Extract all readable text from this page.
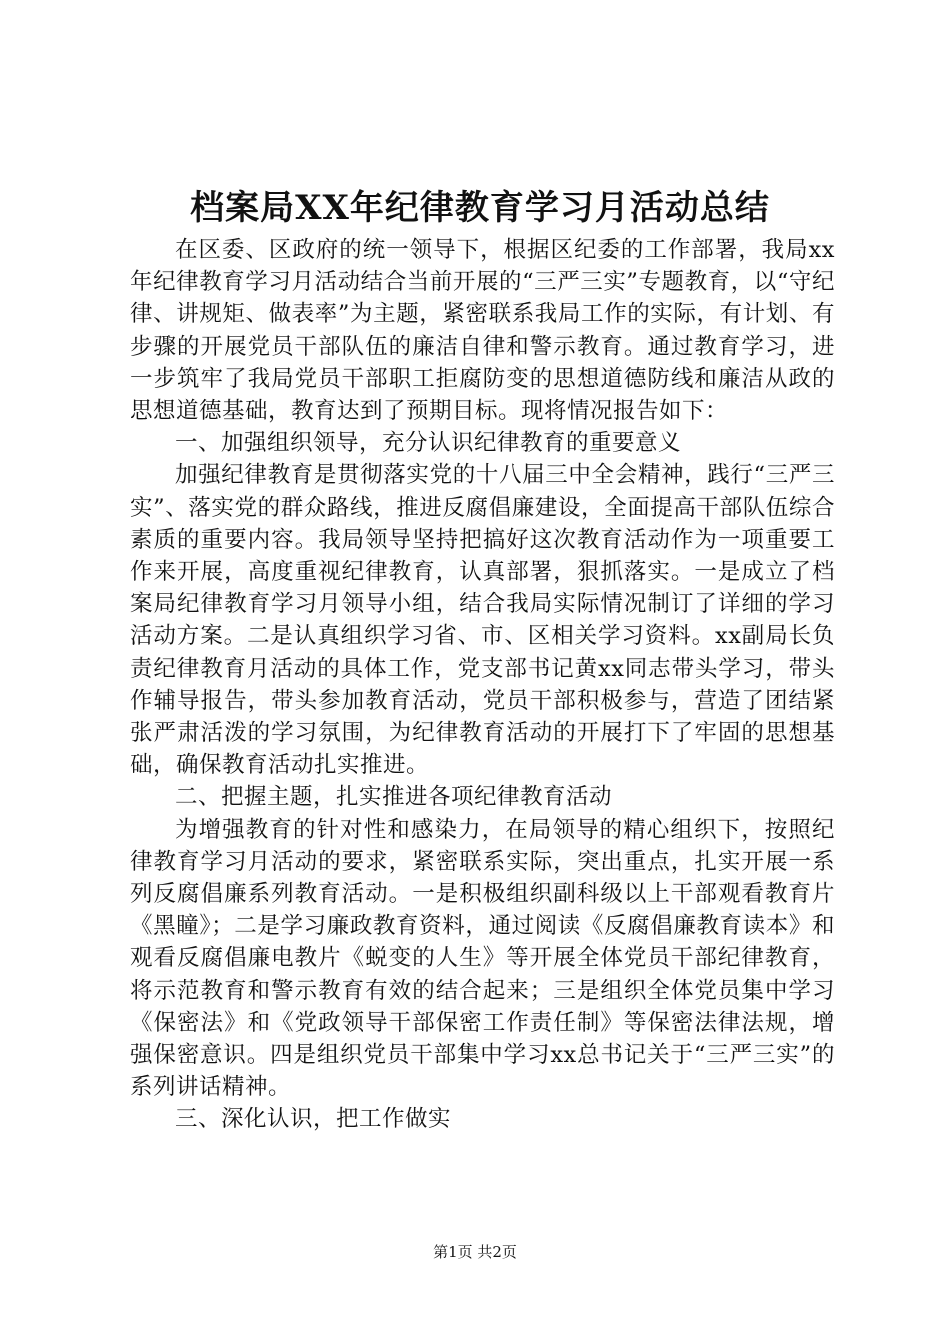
档案局XX年纪律教育学习月活动总结

在区委、区政府的统一领导下，根据区纪委的工作部署，我局xx年纪律教育学习月活动结合当前开展的“三严三实”专题教育，以“守纪律、讲规矩、做表率”为主题，紧密联系我局工作的实际，有计划、有步骤的开展党员干部队伍的廉洁自律和警示教育。通过教育学习，进一步筑牢了我局党员干部职工拒腐防变的思想道德防线和廉洁从政的思想道德基础，教育达到了预期目标。现将情况报告如下：

一、加强组织领导，充分认识纪律教育的重要意义

加强纪律教育是贯彻落实党的十八届三中全会精神，践行“三严三实”、落实党的群众路线，推进反腐倡廉建设，全面提高干部队伍综合素质的重要内容。我局领导坚持把搞好这次教育活动作为一项重要工作来开展，高度重视纪律教育，认真部署，狠抓落实。一是成立了档案局纪律教育学习月领导小组，结合我局实际情况制订了详细的学习活动方案。二是认真组织学习省、市、区相关学习资料。xx副局长负责纪律教育月活动的具体工作，党支部书记黄xx同志带头学习，带头作辅导报告，带头参加教育活动，党员干部积极参与，营造了团结紧张严肃活泼的学习氛围，为纪律教育活动的开展打下了牢固的思想基础，确保教育活动扎实推进。

二、把握主题，扎实推进各项纪律教育活动

为增强教育的针对性和感染力，在局领导的精心组织下，按照纪律教育学习月活动的要求，紧密联系实际，突出重点，扎实开展一系列反腐倡廉系列教育活动。一是积极组织副科级以上干部观看教育片《黑瞳》；二是学习廉政教育资料，通过阅读《反腐倡廉教育读本》和观看反腐倡廉电教片《蜕变的人生》等开展全体党员干部纪律教育，将示范教育和警示教育有效的结合起来；三是组织全体党员集中学习《保密法》和《党政领导干部保密工作责任制》等保密法律法规，增强保密意识。四是组织党员干部集中学习xx总书记关于“三严三实”的系列讲话精神。

三、深化认识，把工作做实

第1页 共2页
